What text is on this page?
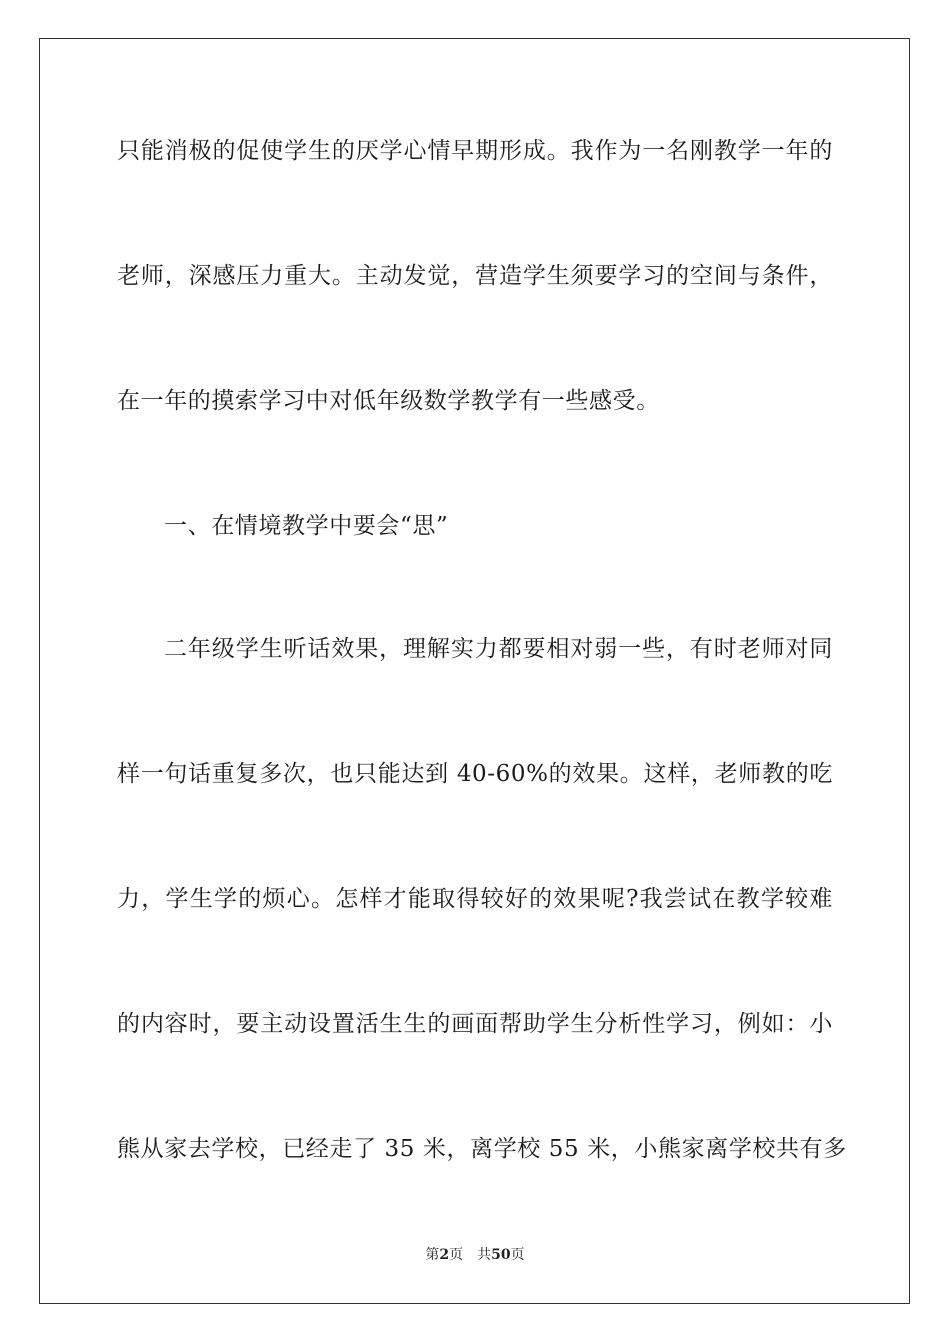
只能消极的促使学生的厌学心情早期形成。我作为一名刚教学一年的
老师，深感压力重大。主动发觉，营造学生须要学习的空间与条件，
在一年的摸索学习中对低年级数学教学有一些感受。
一、在情境教学中要会“思”
二年级学生听话效果，理解实力都要相对弱一些，有时老师对同
样一句话重复多次，也只能达到 40-60%的效果。这样，老师教的吃
力，学生学的烦心。怎样才能取得较好的效果呢?我尝试在教学较难
的内容时，要主动设置活生生的画面帮助学生分析性学习，例如：小
熊从家去学校，已经走了 35 米，离学校 55 米，小熊家离学校共有多
第2页 共50页
